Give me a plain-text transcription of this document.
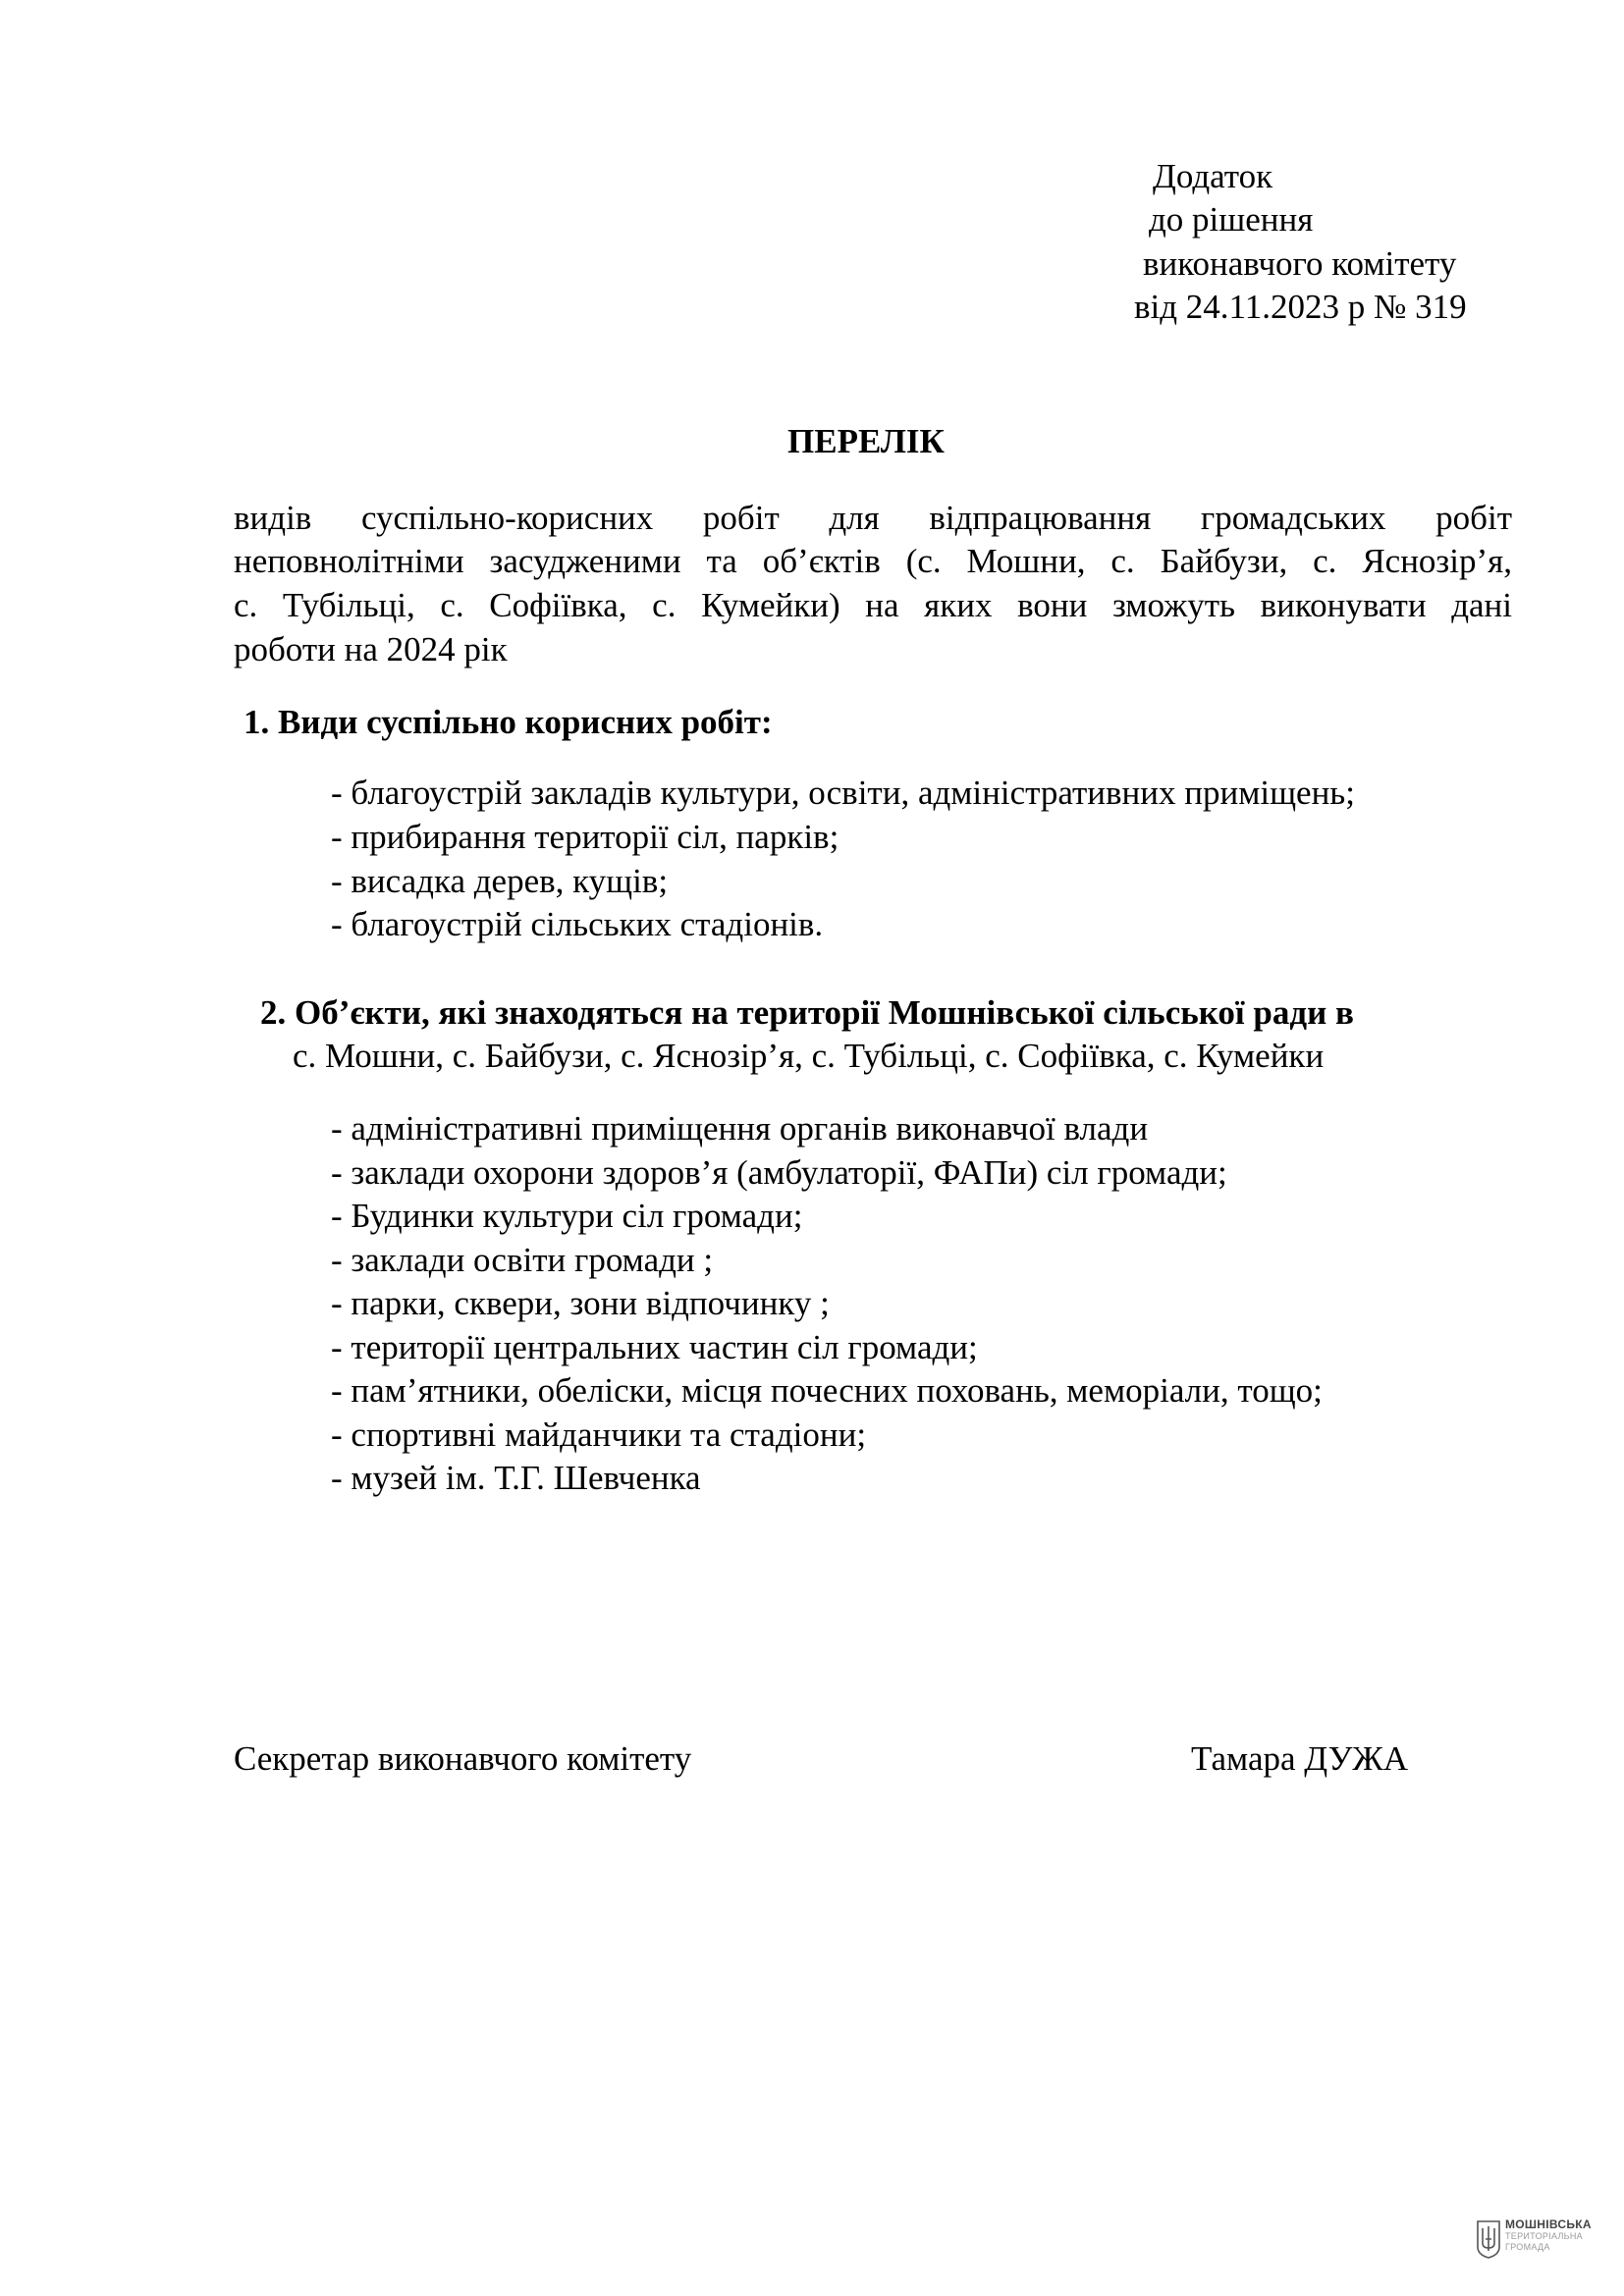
Додаток
до рішення
виконавчого комітету
від 24.11.2023 р № 319
ПЕРЕЛІК
видів суспільно-корисних робіт для відпрацювання громадських робіт
неповнолітніми засудженими та об’єктів (с. Мошни, с. Байбузи, с. Яснозір’я,
с. Тубільці, с. Софіївка, с. Кумейки) на яких вони зможуть виконувати дані
роботи на 2024 рік
1. Види суспільно корисних робіт:
- благоустрій закладів культури, освіти, адміністративних приміщень;
- прибирання території сіл, парків;
- висадка дерев, кущів;
- благоустрій сільських стадіонів.
2. Об’єкти, які знаходяться на території Мошнівської сільської ради в
с. Мошни, с. Байбузи, с. Яснозір’я, с. Тубільці, с. Софіївка, с. Кумейки
- адміністративні приміщення органів виконавчої влади
- заклади охорони здоров’я (амбулаторії, ФАПи) сіл громади;
- Будинки культури сіл громади;
- заклади освіти громади ;
- парки, сквери, зони відпочинку ;
- території центральних частин сіл громади;
- пам’ятники, обеліски, місця почесних поховань, меморіали, тощо;
- спортивні майданчики та стадіони;
- музей ім. Т.Г. Шевченка
Секретар виконавчого комітету	Тамара ДУЖА
МОШНІВСЬКА
ТЕРИТОРІАЛЬНА
ГРОМАДА
